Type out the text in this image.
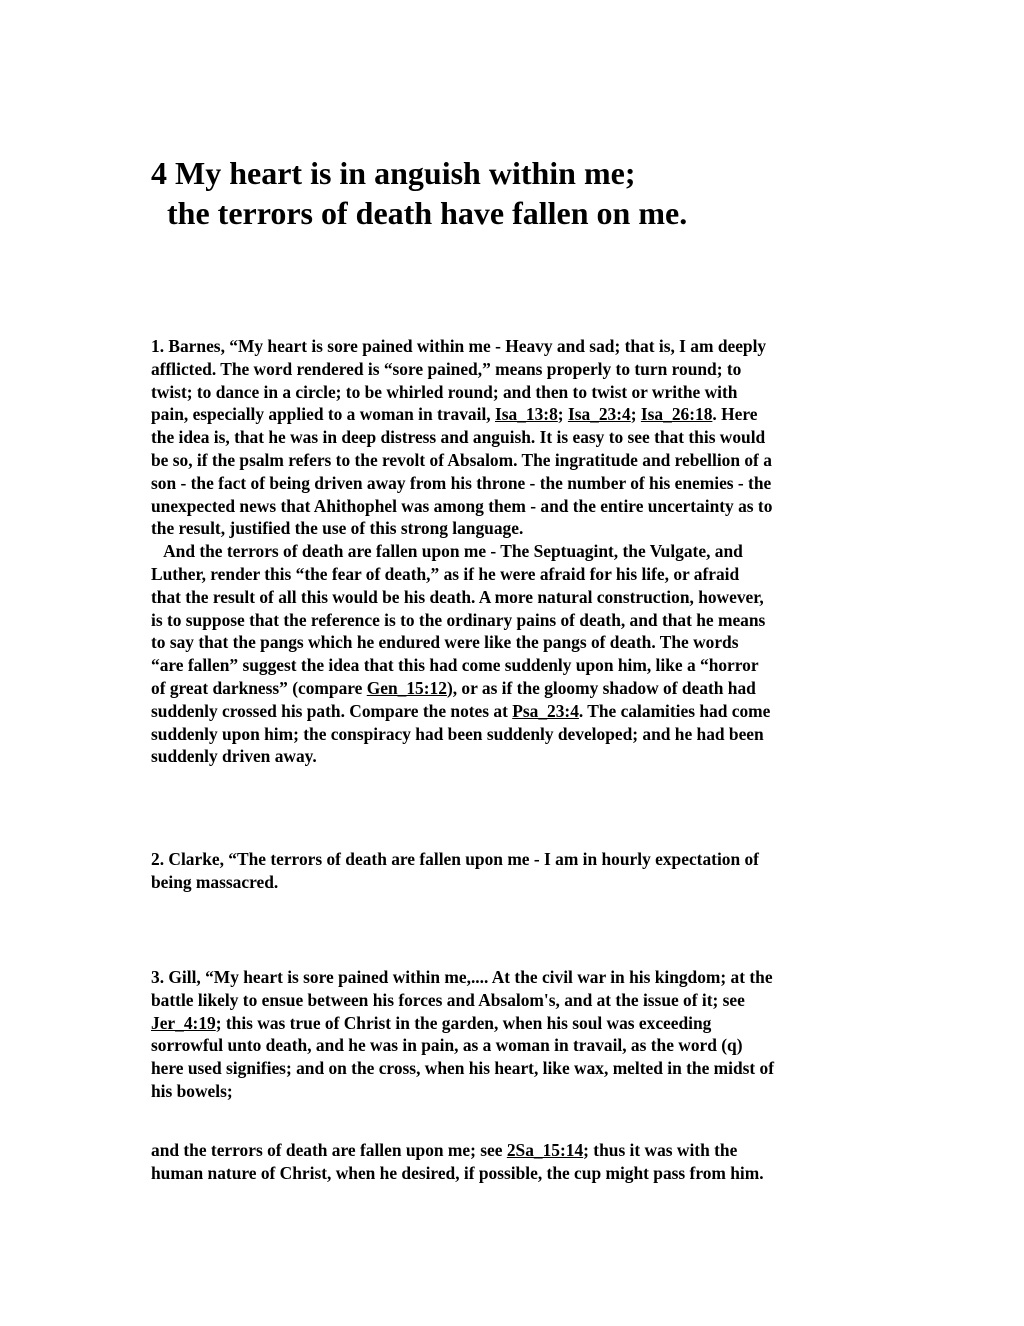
4 My heart is in anguish within me;
the terrors of death have fallen on me.
1. Barnes, “My heart is sore pained within me - Heavy and sad; that is, I am deeply
afflicted. The word rendered is “sore pained,” means properly to turn round; to
twist; to dance in a circle; to be whirled round; and then to twist or writhe with
pain, especially applied to a woman in travail, Isa_13:8; Isa_23:4; Isa_26:18. Here
the idea is, that he was in deep distress and anguish. It is easy to see that this would
be so, if the psalm refers to the revolt of Absalom. The ingratitude and rebellion of a
son - the fact of being driven away from his throne - the number of his enemies - the
unexpected news that Ahithophel was among them - and the entire uncertainty as to
the result, justified the use of this strong language.
And the terrors of death are fallen upon me - The Septuagint, the Vulgate, and
Luther, render this “the fear of death,” as if he were afraid for his life, or afraid
that the result of all this would be his death. A more natural construction, however,
is to suppose that the reference is to the ordinary pains of death, and that he means
to say that the pangs which he endured were like the pangs of death. The words
“are fallen” suggest the idea that this had come suddenly upon him, like a “horror
of great darkness” (compare Gen_15:12), or as if the gloomy shadow of death had
suddenly crossed his path. Compare the notes at Psa_23:4. The calamities had come
suddenly upon him; the conspiracy had been suddenly developed; and he had been
suddenly driven away.
2. Clarke, “The terrors of death are fallen upon me - I am in hourly expectation of
being massacred.
3. Gill, “My heart is sore pained within me,.... At the civil war in his kingdom; at the
battle likely to ensue between his forces and Absalom's, and at the issue of it; see
Jer_4:19; this was true of Christ in the garden, when his soul was exceeding
sorrowful unto death, and he was in pain, as a woman in travail, as the word (q)
here used signifies; and on the cross, when his heart, like wax, melted in the midst of
his bowels;
and the terrors of death are fallen upon me; see 2Sa_15:14; thus it was with the
human nature of Christ, when he desired, if possible, the cup might pass from him.
